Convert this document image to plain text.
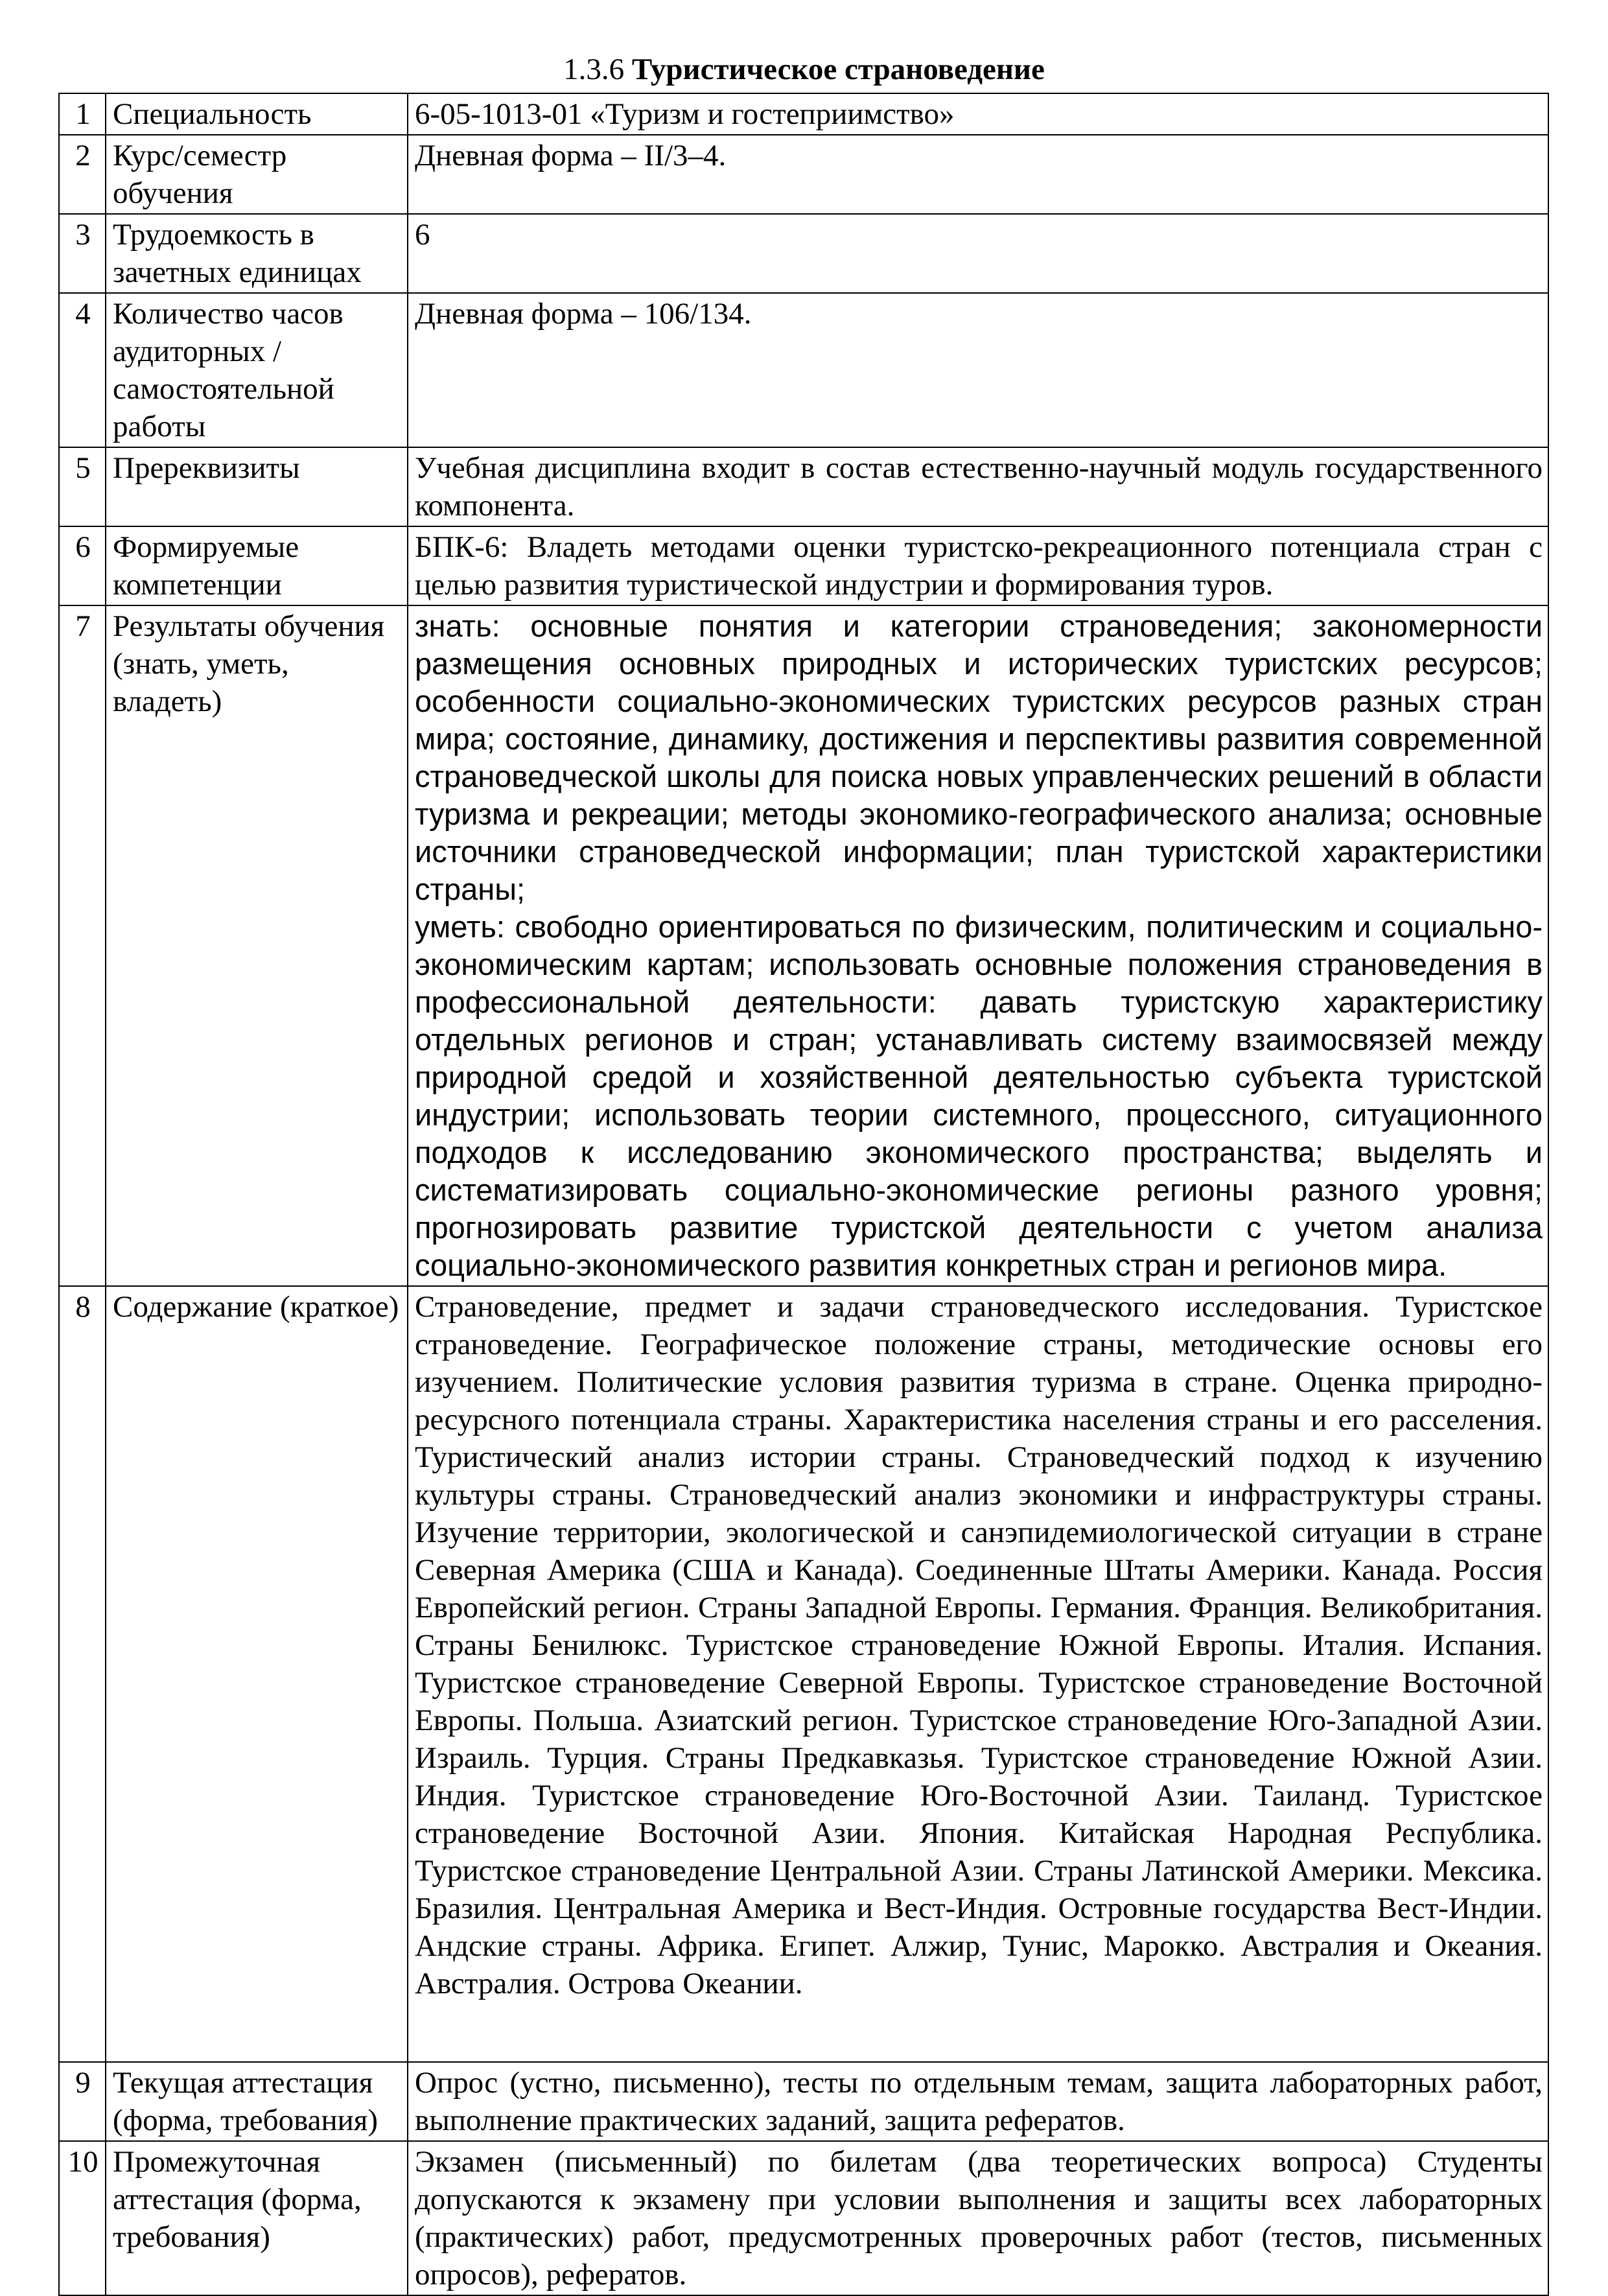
1.3.6 Туристическое страноведение
1	Специальность	6-05-1013-01 «Туризм и гостеприимство»
2	Курс/семестр обучения	Дневная форма – II/3–4.
3	Трудоемкость в зачетных единицах	6
4	Количество часов аудиторных / самостоятельной работы	Дневная форма – 106/134.
5	Пререквизиты	Учебная дисциплина входит в состав естественно-научный модуль государственного компонента.
6	Формируемые компетенции	БПК-6: Владеть методами оценки туристско-рекреационного потенциала стран с целью развития туристической индустрии и формирования туров.
7	Результаты обучения (знать, уметь, владеть)	знать: основные понятия и категории страноведения; закономерности размещения основных природных и исторических туристских ресурсов; особенности социально-экономических туристских ресурсов разных стран мира; состояние, динамику, достижения и перспективы развития современной страноведческой школы для поиска новых управленческих решений в области туризма и рекреации; методы экономико-географического анализа; основные источники страноведческой информации; план туристской характеристики страны;
уметь: свободно ориентироваться по физическим, политическим и социально-экономическим картам; использовать основные положения страноведения в профессиональной деятельности: давать туристскую характеристику отдельных регионов и стран; устанавливать систему взаимосвязей между природной средой и хозяйственной деятельностью субъекта туристской индустрии; использовать теории системного, процессного, ситуационного подходов к исследованию экономического пространства; выделять и систематизировать социально-экономические регионы разного уровня; прогнозировать развитие туристской деятельности с учетом анализа социально-экономического развития конкретных стран и регионов мира.

8	Содержание (краткое)	Страноведение, предмет и задачи страноведческого исследования. Туристское страноведение. Географическое положение страны, методические основы его изучением. Политические условия развития туризма в стране. Оценка природно-ресурсного потенциала страны. Характеристика населения страны и его расселения. Туристический анализ истории страны. Страноведческий подход к изучению культуры страны. Страноведческий анализ экономики и инфраструктуры страны. Изучение территории, экологической и санэпидемиологической ситуации в стране Северная Америка (США и Канада). Соединенные Штаты Америки. Канада. Россия Европейский регион. Страны Западной Европы. Германия. Франция. Великобритания. Страны Бенилюкс. Туристское страноведение Южной Европы. Италия. Испания. Туристское страноведение Северной Европы. Туристское страноведение Восточной Европы. Польша. Азиатский регион. Туристское страноведение Юго-Западной Азии. Израиль. Турция. Страны Предкавказья. Туристское страноведение Южной Азии. Индия. Туристское страноведение Юго-Восточной Азии. Таиланд. Туристское страноведение Восточной Азии. Япония. Китайская Народная Республика. Туристское страноведение Центральной Азии. Страны Латинской Америки. Мексика. Бразилия. Центральная Америка и Вест-Индия. Островные государства Вест-Индии. Андские страны. Африка. Египет. Алжир, Тунис, Марокко. Австралия и Океания. Австралия. Острова Океании.
9	Текущая аттестация (форма, требования)	Опрос (устно, письменно), тесты по отдельным темам, защита лабораторных работ, выполнение практических заданий, защита рефератов.
10	Промежуточная аттестация (форма, требования)	Экзамен (письменный) по билетам (два теоретических вопроса) Студенты допускаются к экзамену при условии выполнения и защиты всех лабораторных (практических) работ, предусмотренных проверочных работ (тестов, письменных опросов), рефератов.
